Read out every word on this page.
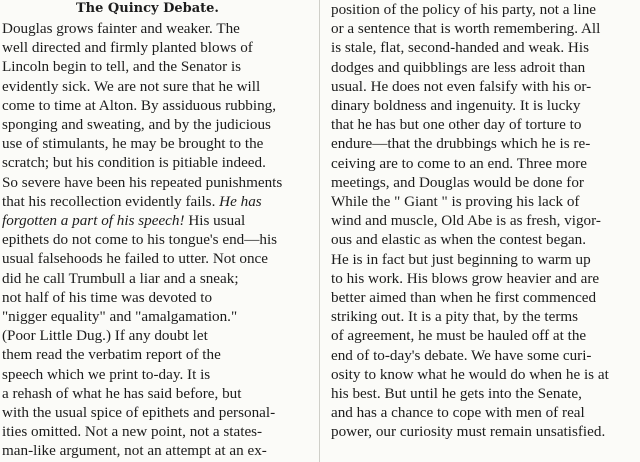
The Quincy Debate.

Douglas grows fainter and weaker. The

well directed and firmly planted blows of

Lincoln begin to tell, and the Senator is

evidently sick. We are not sure that he will

come to time at Alton. By assiduous rubbing,

sponging and sweating, and by the judicious

use of stimulants, he may be brought to the

scratch; but his condition is pitiable indeed.

So severe have been his repeated punishments

that his recollection evidently fails. He has

forgotten a part of his speech! His usual

epithets do not come to his tongue's end—his

usual falsehoods he failed to utter. Not once

did he call Trumbull a liar and a sneak;

not half of his time was devoted to

"nigger equality" and "amalgamation."

(Poor Little Dug.) If any doubt let

them read the verbatim report of the

speech which we print to-day. It is

a rehash of what he has said before, but

with the usual spice of epithets and personal-

ities omitted. Not a new point, not a states-

man-like argument, not an attempt at an ex-

position of the policy of his party, not a line

or a sentence that is worth remembering. All

is stale, flat, second-handed and weak. His

dodges and quibblings are less adroit than

usual. He does not even falsify with his or-

dinary boldness and ingenuity. It is lucky

that he has but one other day of torture to

endure—that the drubbings which he is re-

ceiving are to come to an end. Three more

meetings, and Douglas would be done for

While the " Giant " is proving his lack of

wind and muscle, Old Abe is as fresh, vigor-

ous and elastic as when the contest began.

He is in fact but just beginning to warm up

to his work. His blows grow heavier and are

better aimed than when he first commenced

striking out. It is a pity that, by the terms

of agreement, he must be hauled off at the

end of to-day's debate. We have some curi-

osity to know what he would do when he is at

his best. But until he gets into the Senate,

and has a chance to cope with men of real

power, our curiosity must remain unsatisfied.
